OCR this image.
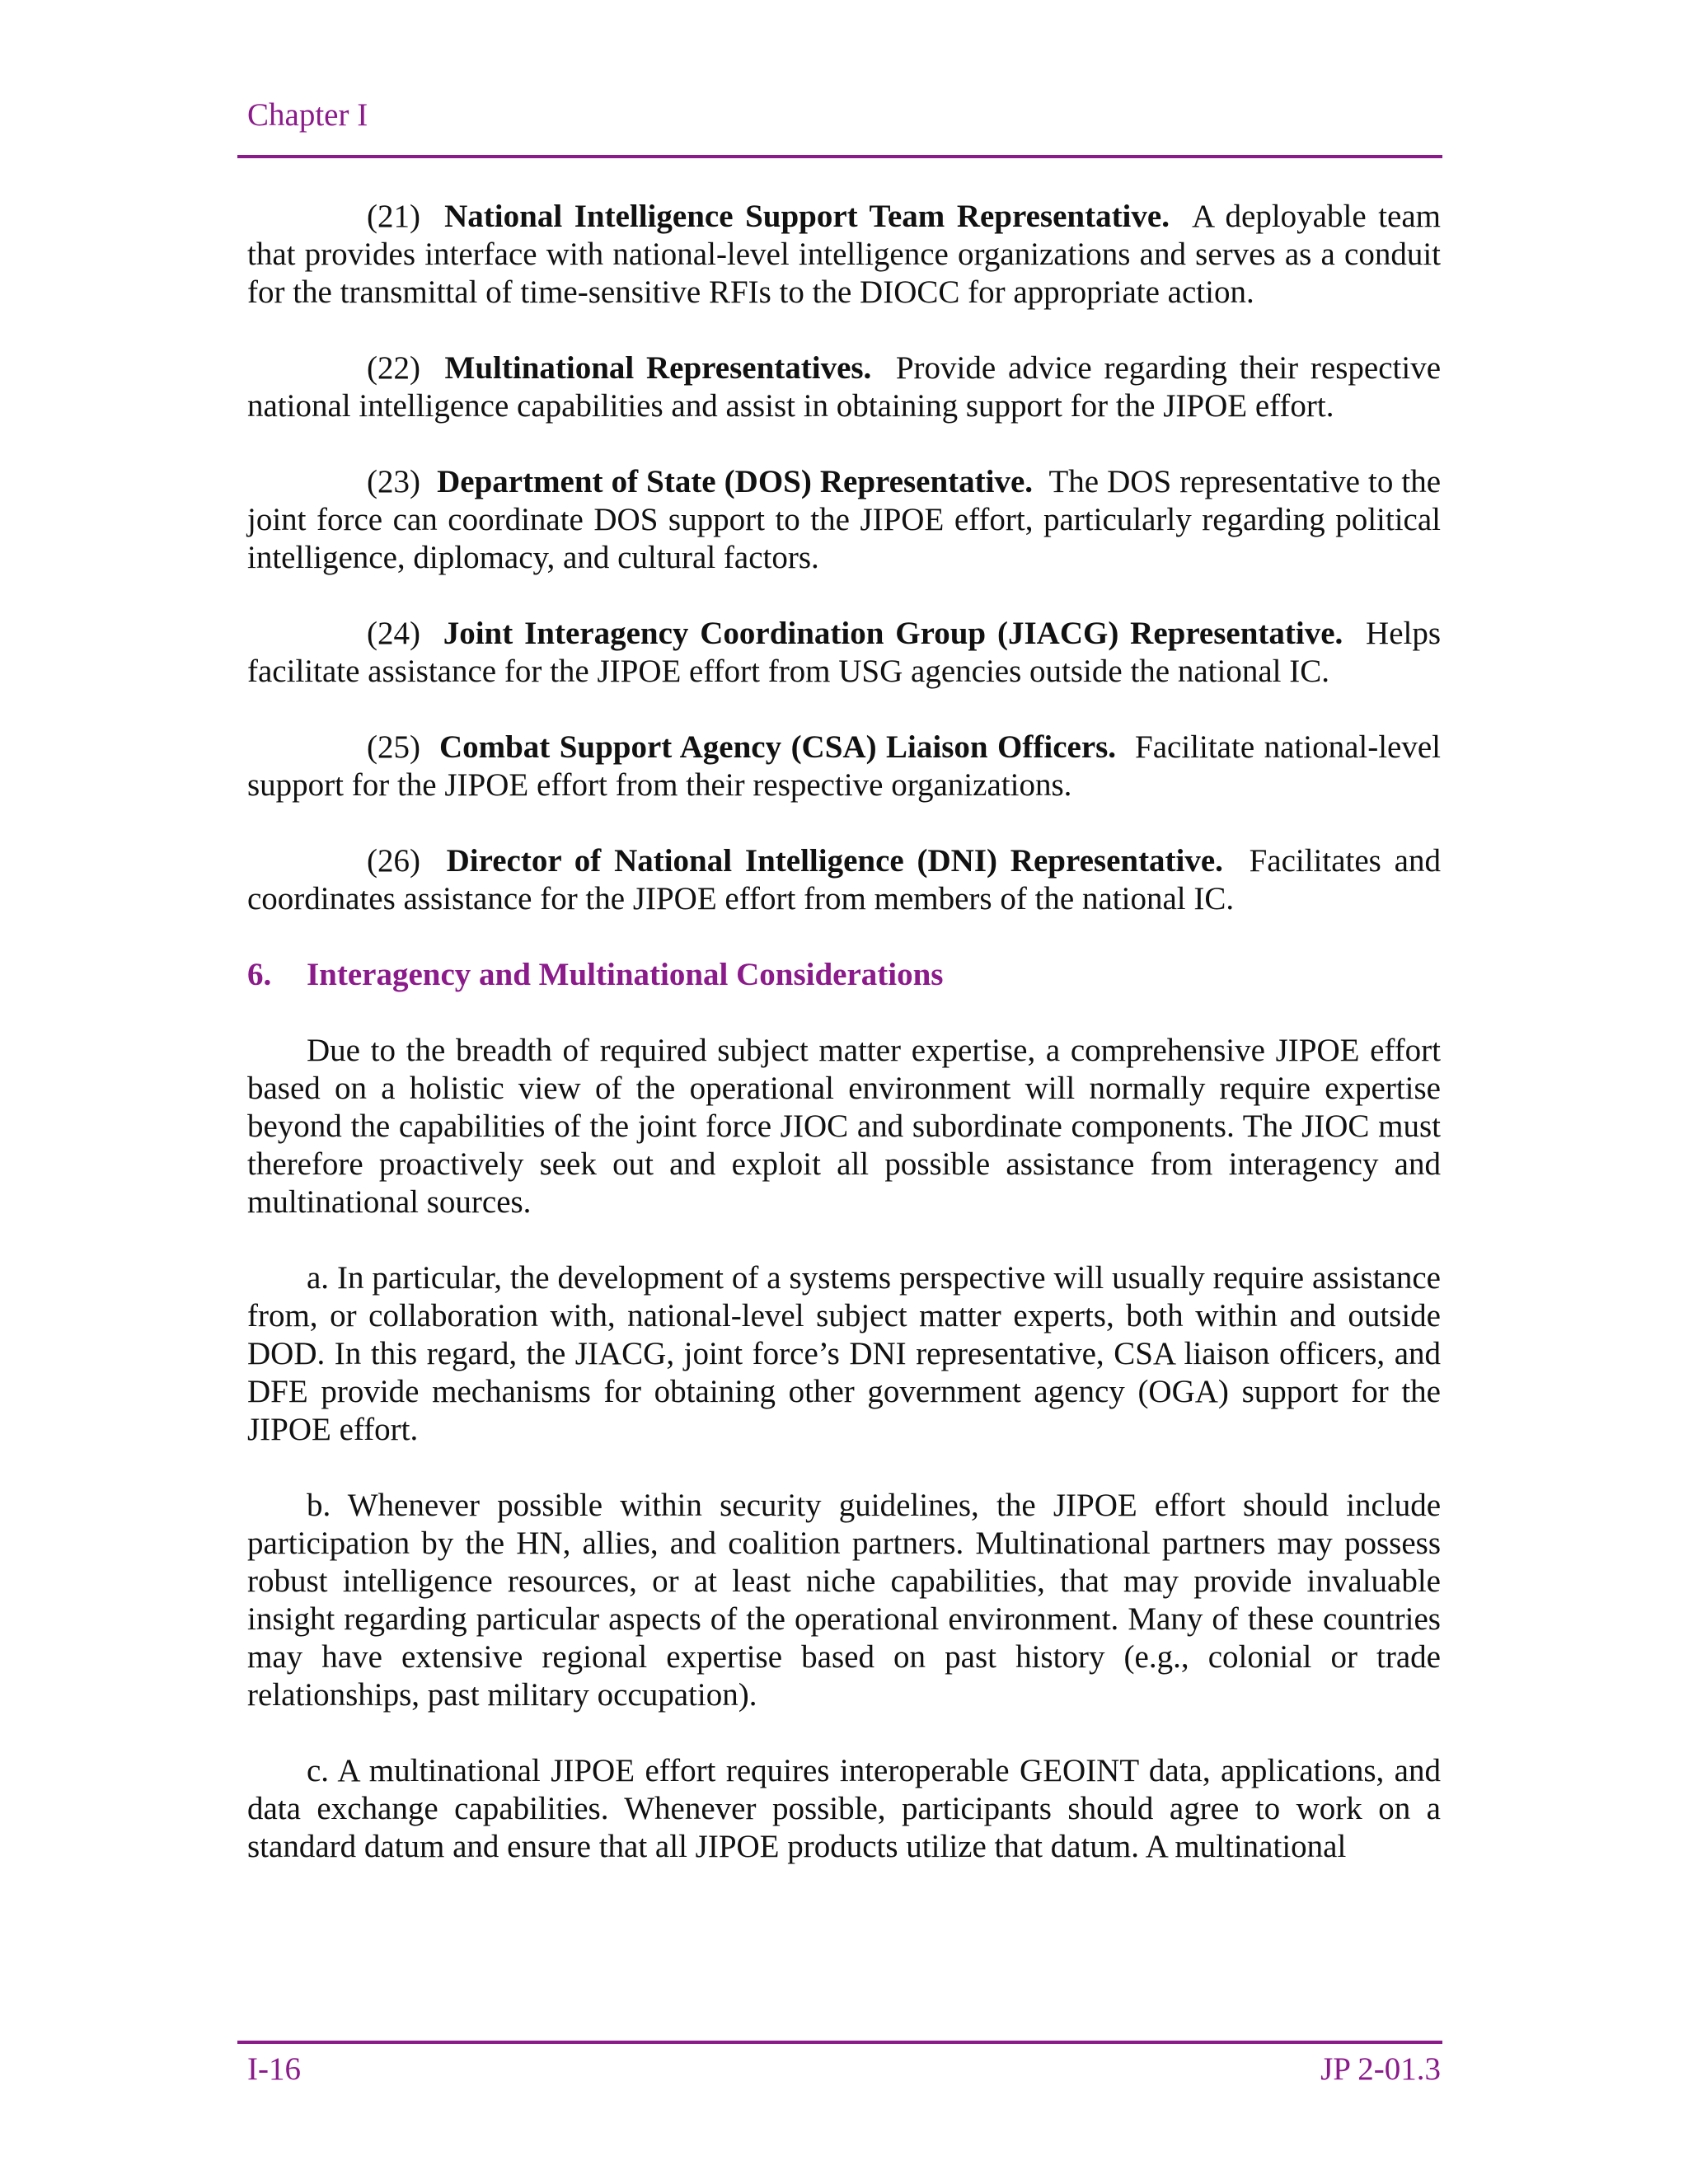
Chapter I

(21) National Intelligence Support Team Representative. A deployable team that provides interface with national-level intelligence organizations and serves as a conduit for the transmittal of time-sensitive RFIs to the DIOCC for appropriate action.

(22) Multinational Representatives. Provide advice regarding their respective national intelligence capabilities and assist in obtaining support for the JIPOE effort.

(23) Department of State (DOS) Representative. The DOS representative to the joint force can coordinate DOS support to the JIPOE effort, particularly regarding political intelligence, diplomacy, and cultural factors.

(24) Joint Interagency Coordination Group (JIACG) Representative. Helps facilitate assistance for the JIPOE effort from USG agencies outside the national IC.

(25) Combat Support Agency (CSA) Liaison Officers. Facilitate national-level support for the JIPOE effort from their respective organizations.

(26) Director of National Intelligence (DNI) Representative. Facilitates and coordinates assistance for the JIPOE effort from members of the national IC.

6. Interagency and Multinational Considerations

Due to the breadth of required subject matter expertise, a comprehensive JIPOE effort based on a holistic view of the operational environment will normally require expertise beyond the capabilities of the joint force JIOC and subordinate components. The JIOC must therefore proactively seek out and exploit all possible assistance from interagency and multinational sources.

a. In particular, the development of a systems perspective will usually require assistance from, or collaboration with, national-level subject matter experts, both within and outside DOD. In this regard, the JIACG, joint force’s DNI representative, CSA liaison officers, and DFE provide mechanisms for obtaining other government agency (OGA) support for the JIPOE effort.

b. Whenever possible within security guidelines, the JIPOE effort should include participation by the HN, allies, and coalition partners. Multinational partners may possess robust intelligence resources, or at least niche capabilities, that may provide invaluable insight regarding particular aspects of the operational environment. Many of these countries may have extensive regional expertise based on past history (e.g., colonial or trade relationships, past military occupation).

c. A multinational JIPOE effort requires interoperable GEOINT data, applications, and data exchange capabilities. Whenever possible, participants should agree to work on a standard datum and ensure that all JIPOE products utilize that datum. A multinational

I-16	JP 2-01.3
